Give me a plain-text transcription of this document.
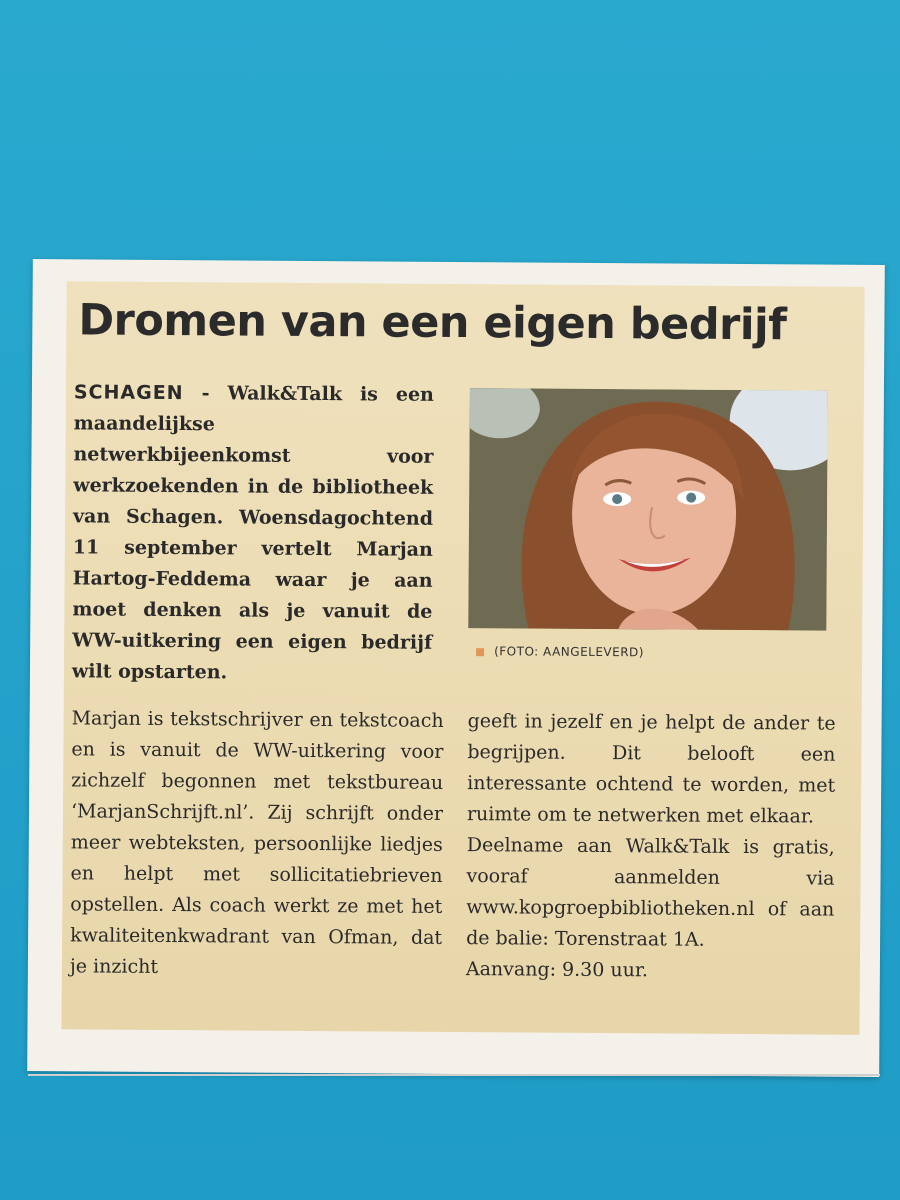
Dromen van een eigen bedrijf
SCHAGEN - Walk&Talk is een maandelijkse netwerkbijeenkomst voor werkzoekenden in de bibliotheek van Schagen. Woensdagochtend 11 september vertelt Marjan Hartog-Feddema waar je aan moet denken als je vanuit de WW-uitkering een eigen bedrijf wilt opstarten.
(FOTO: AANGELEVERD)

Marjan is tekstschrijver en tekstcoach en is vanuit de WW-uitkering voor zichzelf begonnen met tekstbureau ‘MarjanSchrijft.nl’. Zij schrijft onder meer webteksten, persoonlijke liedjes en helpt met sollicitatiebrieven opstellen. Als coach werkt ze met het kwaliteitenkwadrant van Ofman, dat je inzicht

geeft in jezelf en je helpt de ander te begrijpen. Dit belooft een interessante ochtend te worden, met ruimte om te netwerken met elkaar.

Deelname aan Walk&Talk is gratis, vooraf aanmelden via www.kopgroepbibliotheken.nl of aan de balie: Torenstraat 1A.

Aanvang: 9.30 uur.
